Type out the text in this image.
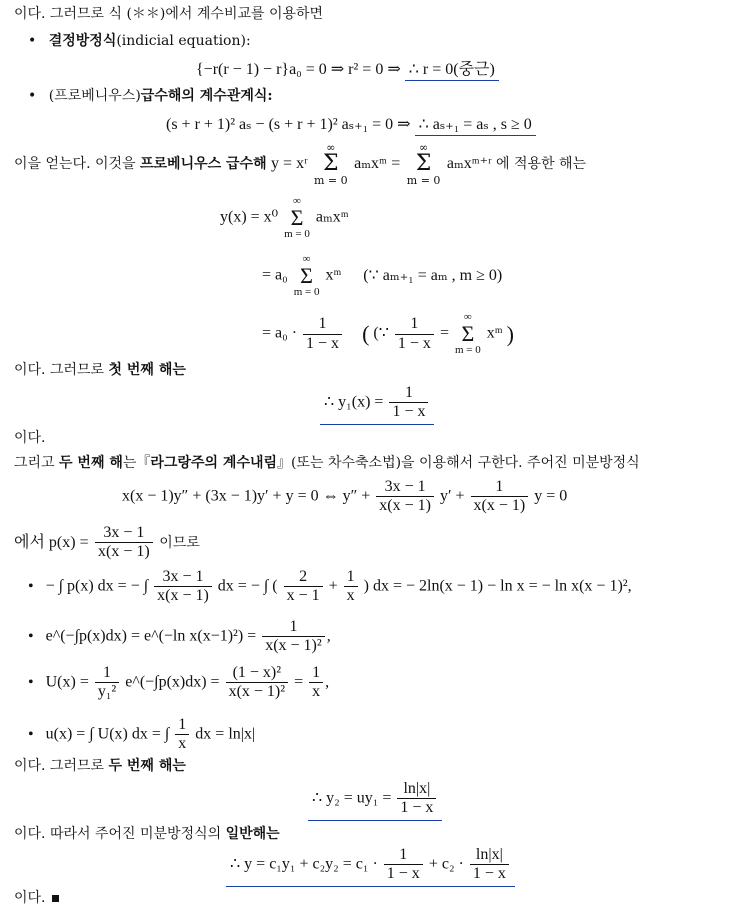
이다. 그러므로 식 (＊＊)에서 계수비교를 이용하면
• 결정방정식(indicial equation):
{−r(r − 1) − r}a₀ = 0 ⇒ r² = 0 ⇒ ∴ r = 0(중근)
• (프로베니우스)급수해의 계수관계식:
(s + r + 1)² aₛ − (s + r + 1)² aₛ₊₁ = 0 ⇒ ∴ aₛ₊₁ = aₛ , s ≥ 0
이을 얻는다. 이것을 프로베니우스 급수해 y = xʳ ∞
Σ
m = 0 aₘxᵐ = ∞
Σ
m = 0 aₘxᵐ⁺ʳ 에 적용한 해는
y(x) = x⁰ ∞
Σ
m = 0 aₘxᵐ
= a₀ ∞
Σ
m = 0 xᵐ (∵ aₘ₊₁ = aₘ , m ≥ 0)
= $a_0 \cdot \frac{1}{1 - x}$ ( (∵ $\frac{1}{1 - x}$ = ∞
Σ
m = 0 xᵐ )
이다. 그러므로 첫 번째 해는
∴ $y_1(x) = \frac{1}{1 - x}$
이다.
그리고 두 번째 해는『라그랑주의 계수내림』(또는 차수축소법)을 이용해서 구한다. 주어진 미분방정식
x(x − 1)y″ + (3x − 1)y′ + y = 0 ⇔ $y'' + \frac{3x - 1}{x(x - 1)} y' + \frac{1}{x(x - 1)}$ y = 0
에서 $p(x) = \frac{3x - 1}{x(x - 1)}$ 이므로
• − ∫ p(x) dx = − ∫ $\frac{3x - 1}{x(x - 1)}$ dx = − ∫ ( $\frac{2}{x - 1} + \frac{1}{x}$ ) dx = − 2ln(x − 1) − ln x = − ln x(x − 1)²,
• e^(−∫p(x)dx) = e^(−ln $x(x-1)^2) = \frac{1}{\text{x(x − 1)²}}$ ,
• $U(x) = \frac{1}{\text{y₁²}}$ e^(−∫p(x)dx) = $\frac{\text{(1 − x)²}}{\text{x(x − 1)²}} = \frac{1}{x}$ ,
• u(x) = ∫ U(x) dx = ∫ $\frac{1}{x}$ dx = ln|x|
이다. 그러므로 두 번째 해는
∴ $y_2 = uy_1 = \frac{\ln|x|}{1 - x}$
이다. 따라서 주어진 미분방정식의 일반해는
∴ $y = c_1y_1 + c_2y_2 = c_1 \cdot \frac{1}{1 - x} + c_2 \cdot \frac{\ln|x|}{1 - x}$
이다.
